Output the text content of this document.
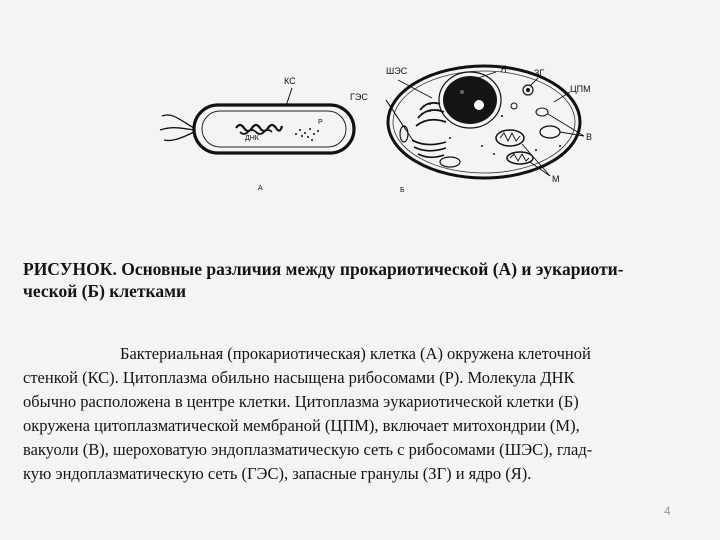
КС
ДНК
Р
А
ШЭС	Я	ЗГ
ГЭС
ЦПМ
В
М
Б

РИСУНОК. Основные различия между прокариотической (А) и эукариоти-
ческой (Б) клетками

Бактериальная (прокариотическая) клетка (А) окружена клеточной
стенкой (КС). Цитоплазма обильно насыщена рибосомами (Р). Молекула ДНК
обычно расположена в центре клетки. Цитоплазма эукариотической клетки (Б)
окружена цитоплазматической мембраной (ЦПМ), включает митохондрии (М),
вакуоли (В), шероховатую эндоплазматическую сеть с рибосомами (ШЭС), глад-
кую эндоплазматическую сеть (ГЭС), запасные гранулы (ЗГ) и ядро (Я).
4
